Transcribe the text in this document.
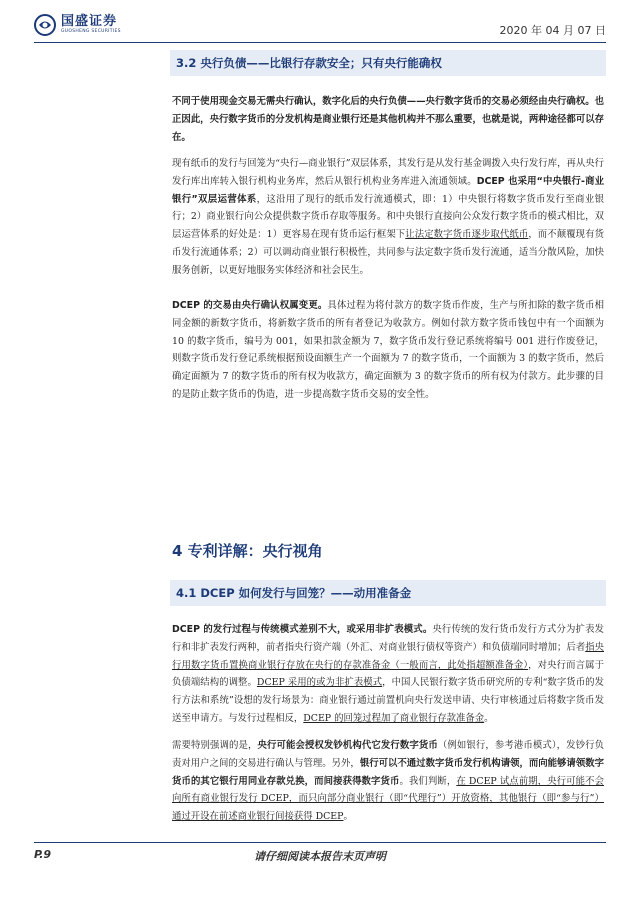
国盛证券
GUOSHENG SECURITIES	2020 年 04 月 07 日
3.2 央行负债——比银行存款安全；只有央行能确权

不同于使用现金交易无需央行确认，数字化后的央行负债——央行数字货币的交易必须经由央行确权。也正因此，央行数字货币的分发机构是商业银行还是其他机构并不那么重要，也就是说，两种途径都可以存在。

现有纸币的发行与回笼为“央行—商业银行”双层体系，其发行是从发行基金调拨入央行发行库，再从央行发行库出库转入银行机构业务库，然后从银行机构业务库进入流通领域。DCEP 也采用“中央银行-商业银行”双层运营体系，这沿用了现行的纸币发行流通模式，即：1）中央银行将数字货币发行至商业银行；2）商业银行向公众提供数字货币存取等服务。和中央银行直接向公众发行数字货币的模式相比，双层运营体系的好处是：1）更容易在现有货币运行框架下让法定数字货币逐步取代纸币，而不颠覆现有货币发行流通体系；2）可以调动商业银行积极性，共同参与法定数字货币发行流通，适当分散风险，加快服务创新，以更好地服务实体经济和社会民生。

DCEP 的交易由央行确认权属变更。具体过程为将付款方的数字货币作废，生产与所扣除的数字货币相同金额的新数字货币，将新数字货币的所有者登记为收款方。例如付款方数字货币钱包中有一个面额为 10 的数字货币，编号为 001，如果扣款金额为 7，数字货币发行登记系统将编号 001 进行作废登记，则数字货币发行登记系统根据预设面额生产一个面额为 7 的数字货币，一个面额为 3 的数字货币，然后确定面额为 7 的数字货币的所有权为收款方，确定面额为 3 的数字货币的所有权为付款方。此步骤的目的是防止数字货币的伪造，进一步提高数字货币交易的安全性。

4 专利详解：央行视角
4.1 DCEP 如何发行与回笼？——动用准备金

DCEP 的发行过程与传统模式差别不大，或采用非扩表模式。央行传统的发行货币发行方式分为扩表发行和非扩表发行两种，前者指央行资产端（外汇、对商业银行债权等资产）和负债端同时增加；后者指央行用数字货币置换商业银行存放在央行的存款准备金（一般而言，此处指超额准备金），对央行而言属于负债端结构的调整。DCEP 采用的或为非扩表模式，中国人民银行数字货币研究所的专利“数字货币的发行方法和系统”设想的发行场景为：商业银行通过前置机向央行发送申请、央行审核通过后将数字货币发送至申请方。与发行过程相反，DCEP 的回笼过程加了商业银行存款准备金。

需要特别强调的是，央行可能会授权发钞机构代它发行数字货币（例如银行，参考港币模式），发钞行负责对用户之间的交易进行确认与管理。另外，银行可以不通过数字货币发行机构请领，而向能够请领数字货币的其它银行用同业存款兑换，而间接获得数字货币。我们判断，在 DCEP 试点前期，央行可能不会向所有商业银行发行 DCEP，而只向部分商业银行（即“代理行”）开放资格，其他银行（即“参与行”）通过开设在前述商业银行间接获得 DCEP。

P.9	请仔细阅读本报告末页声明
